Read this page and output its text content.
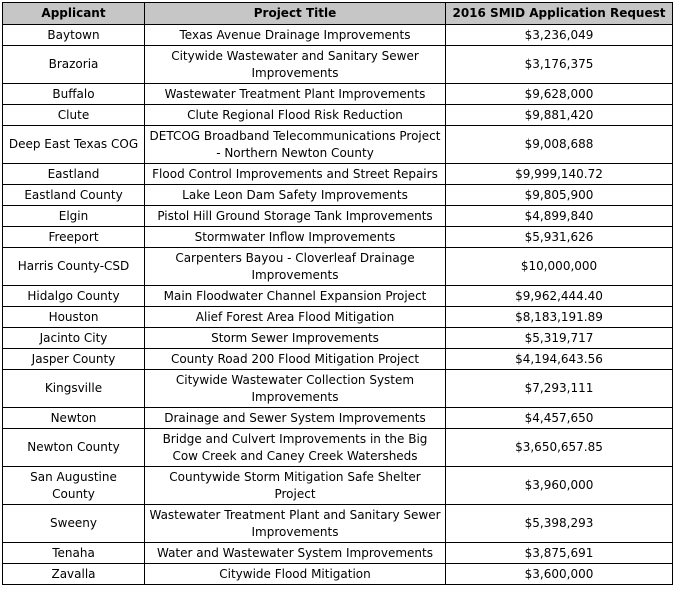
Applicant	Project Title	2016 SMID Application Request
Baytown	Texas Avenue Drainage Improvements	$3,236,049
Brazoria	Citywide Wastewater and Sanitary Sewer Improvements	$3,176,375
Buffalo	Wastewater Treatment Plant Improvements	$9,628,000
Clute	Clute Regional Flood Risk Reduction	$9,881,420
Deep East Texas COG	DETCOG Broadband Telecommunications Project - Northern Newton County	$9,008,688
Eastland	Flood Control Improvements and Street Repairs	$9,999,140.72
Eastland County	Lake Leon Dam Safety Improvements	$9,805,900
Elgin	Pistol Hill Ground Storage Tank Improvements	$4,899,840
Freeport	Stormwater Inflow Improvements	$5,931,626
Harris County-CSD	Carpenters Bayou - Cloverleaf Drainage Improvements	$10,000,000
Hidalgo County	Main Floodwater Channel Expansion Project	$9,962,444.40
Houston	Alief Forest Area Flood Mitigation	$8,183,191.89
Jacinto City	Storm Sewer Improvements	$5,319,717
Jasper County	County Road 200 Flood Mitigation Project	$4,194,643.56
Kingsville	Citywide Wastewater Collection System Improvements	$7,293,111
Newton	Drainage and Sewer System Improvements	$4,457,650
Newton County	Bridge and Culvert Improvements in the Big Cow Creek and Caney Creek Watersheds	$3,650,657.85
San Augustine County	Countywide Storm Mitigation Safe Shelter Project	$3,960,000
Sweeny	Wastewater Treatment Plant and Sanitary Sewer Improvements	$5,398,293
Tenaha	Water and Wastewater System Improvements	$3,875,691
Zavalla	Citywide Flood Mitigation	$3,600,000
